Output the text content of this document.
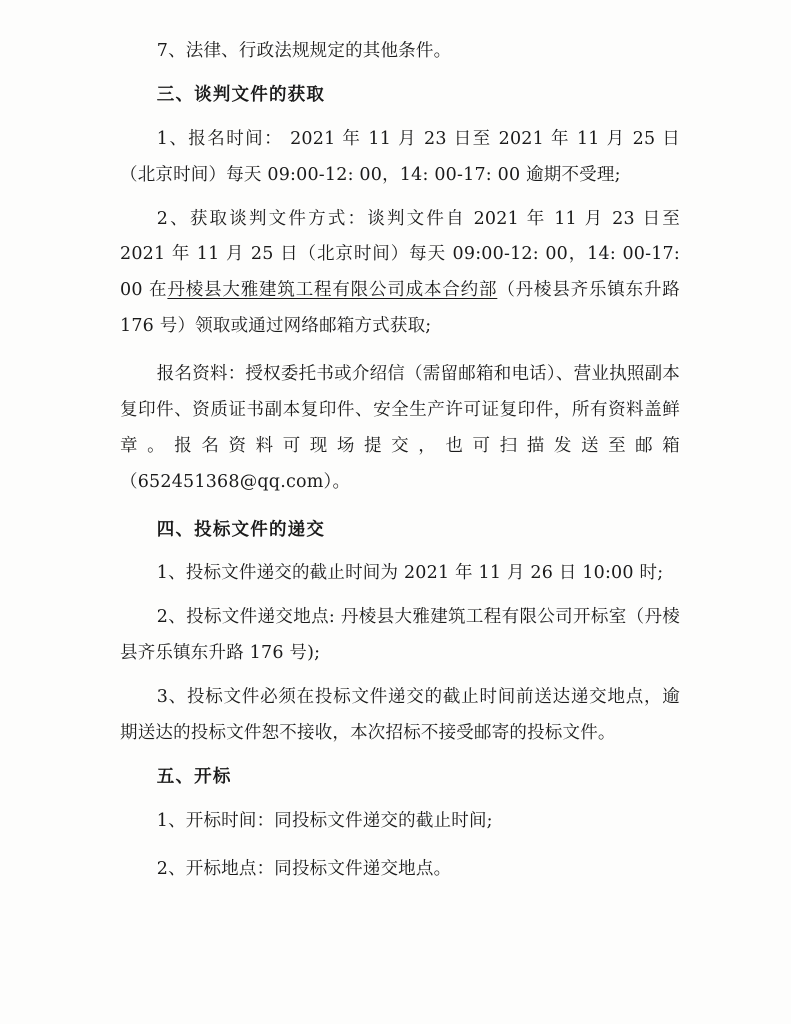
7、法律、行政法规规定的其他条件。

三、谈判文件的获取

1、报名时间： 2021 年 11 月 23 日至 2021 年 11 月 25 日（北京时间）每天 09:00-12: 00，14: 00-17: 00 逾期不受理;

2、获取谈判文件方式：谈判文件自 2021 年 11 月 23 日至 2021 年 11 月 25 日（北京时间）每天 09:00-12: 00，14: 00-17: 00 在丹棱县大雅建筑工程有限公司成本合约部（丹棱县齐乐镇东升路 176 号）领取或通过网络邮箱方式获取;

报名资料：授权委托书或介绍信（需留邮箱和电话）、营业执照副本复印件、资质证书副本复印件、安全生产许可证复印件，所有资料盖鲜章。报名资料可现场提交，也可扫描发送至邮箱（652451368@qq.com）。

四、投标文件的递交

1、投标文件递交的截止时间为 2021 年 11 月 26 日 10:00 时;

2、投标文件递交地点: 丹棱县大雅建筑工程有限公司开标室（丹棱县齐乐镇东升路 176 号);

3、投标文件必须在投标文件递交的截止时间前送达递交地点，逾期送达的投标文件恕不接收，本次招标不接受邮寄的投标文件。

五、开标

1、开标时间：同投标文件递交的截止时间;

2、开标地点：同投标文件递交地点。
